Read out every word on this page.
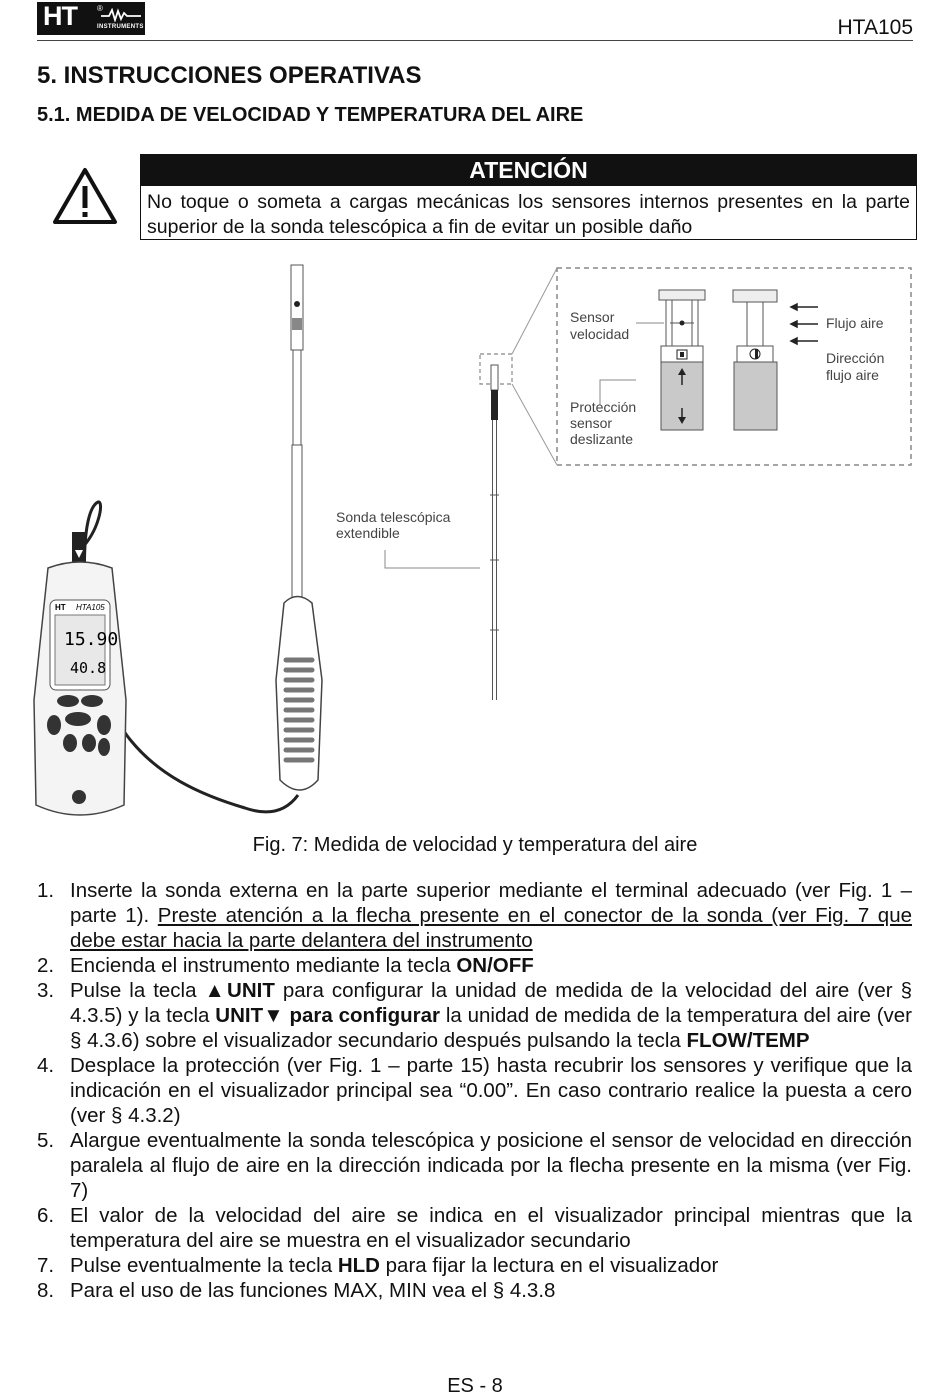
HT	®
INSTRUMENTS	HTA105
5. INSTRUCCIONES OPERATIVAS
5.1. MEDIDA DE VELOCIDAD Y TEMPERATURA DEL AIRE
ATENCIÓN
No toque o someta a cargas mecánicas los sensores internos presentes en la parte superior de la sonda telescópica a fin de evitar un posible daño
Sensor
velocidad
Flujo aire
Dirección
flujo aire
Protección
sensor
deslizante
Sonda telescópica
extendible
HT HTA105
15.90
40.8
Fig. 7: Medida de velocidad y temperatura del aire
1. Inserte la sonda externa en la parte superior mediante el terminal adecuado (ver Fig. 1 – parte 1). Preste atención a la flecha presente en el conector de la sonda (ver Fig. 7 que debe estar hacia la parte delantera del instrumento
2. Encienda el instrumento mediante la tecla ON/OFF
3. Pulse la tecla ▲UNIT para configurar la unidad de medida de la velocidad del aire (ver § 4.3.5) y la tecla UNIT▼ para configurar la unidad de medida de la temperatura del aire (ver § 4.3.6) sobre el visualizador secundario después pulsando la tecla FLOW/TEMP
4. Desplace la protección (ver Fig. 1 – parte 15) hasta recubrir los sensores y verifique que la indicación en el visualizador principal sea “0.00”. En caso contrario realice la puesta a cero (ver § 4.3.2)
5. Alargue eventualmente la sonda telescópica y posicione el sensor de velocidad en dirección paralela al flujo de aire en la dirección indicada por la flecha presente en la misma (ver Fig. 7)
6. El valor de la velocidad del aire se indica en el visualizador principal mientras que la temperatura del aire se muestra en el visualizador secundario
7. Pulse eventualmente la tecla HLD para fijar la lectura en el visualizador
8. Para el uso de las funciones MAX, MIN vea el § 4.3.8
ES - 8
